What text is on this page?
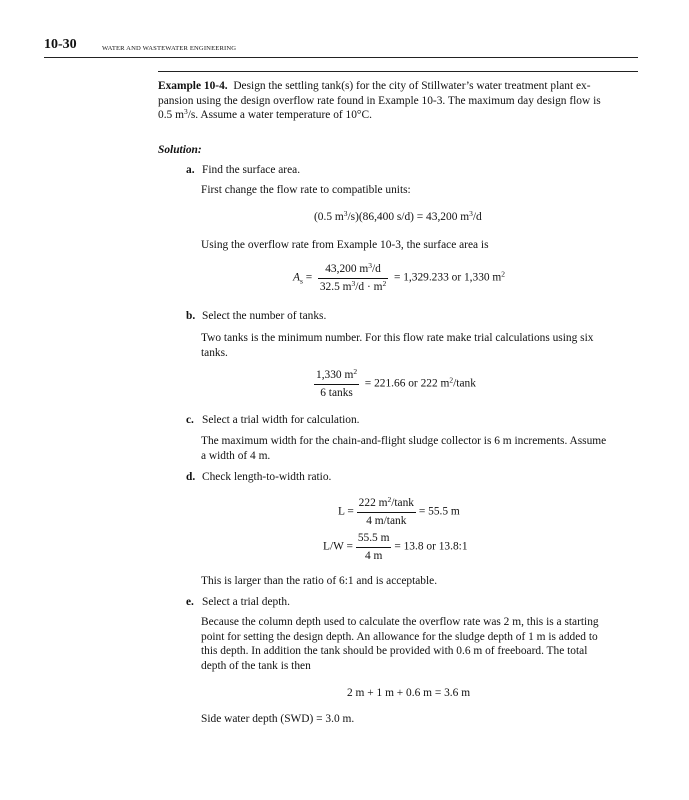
10-30	WATER AND WASTEWATER ENGINEERING
Example 10-4. Design the settling tank(s) for the city of Stillwater’s water treatment plant ex-
pansion using the design overflow rate found in Example 10-3. The maximum day design flow is
0.5 $m^3/s$. Assume a water temperature of 10°C.
Solution:
a. Find the surface area.
First change the flow rate to compatible units:
(0.5 $m^3/s)(86,400$ s/d) = 43,200 $m^3/d$
Using the overflow rate from Example 10-3, the surface area is
$A_s = \frac{43,200 m^3/d}{32.5 m^3/d \cdot m^2} = 1,329.233$ or 1,330 $m^2$
b. Select the number of tanks.
Two tanks is the minimum number. For this flow rate make trial calculations using six
tanks.
$\frac{1,330 m^2}{\text{6 tanks}} = 221.66$ or 222 $m^2$/tank
c. Select a trial width for calculation.
The maximum width for the chain-and-flight sludge collector is 6 m increments. Assume
a width of 4 m.
d. Check length-to-width ratio.
$L = \frac{222 m^2/\tan k}{4 m/\tan k} = 55.5$ m
$L/W = \frac{55.5 m}{4 m} = 13.8$ or 13.8:1
This is larger than the ratio of 6:1 and is acceptable.
e. Select a trial depth.
Because the column depth used to calculate the overflow rate was 2 m, this is a starting
point for setting the design depth. An allowance for the sludge depth of 1 m is added to
this depth. In addition the tank should be provided with 0.6 m of freeboard. The total
depth of the tank is then
2 m + 1 m + 0.6 m = 3.6 m
Side water depth (SWD) = 3.0 m.
